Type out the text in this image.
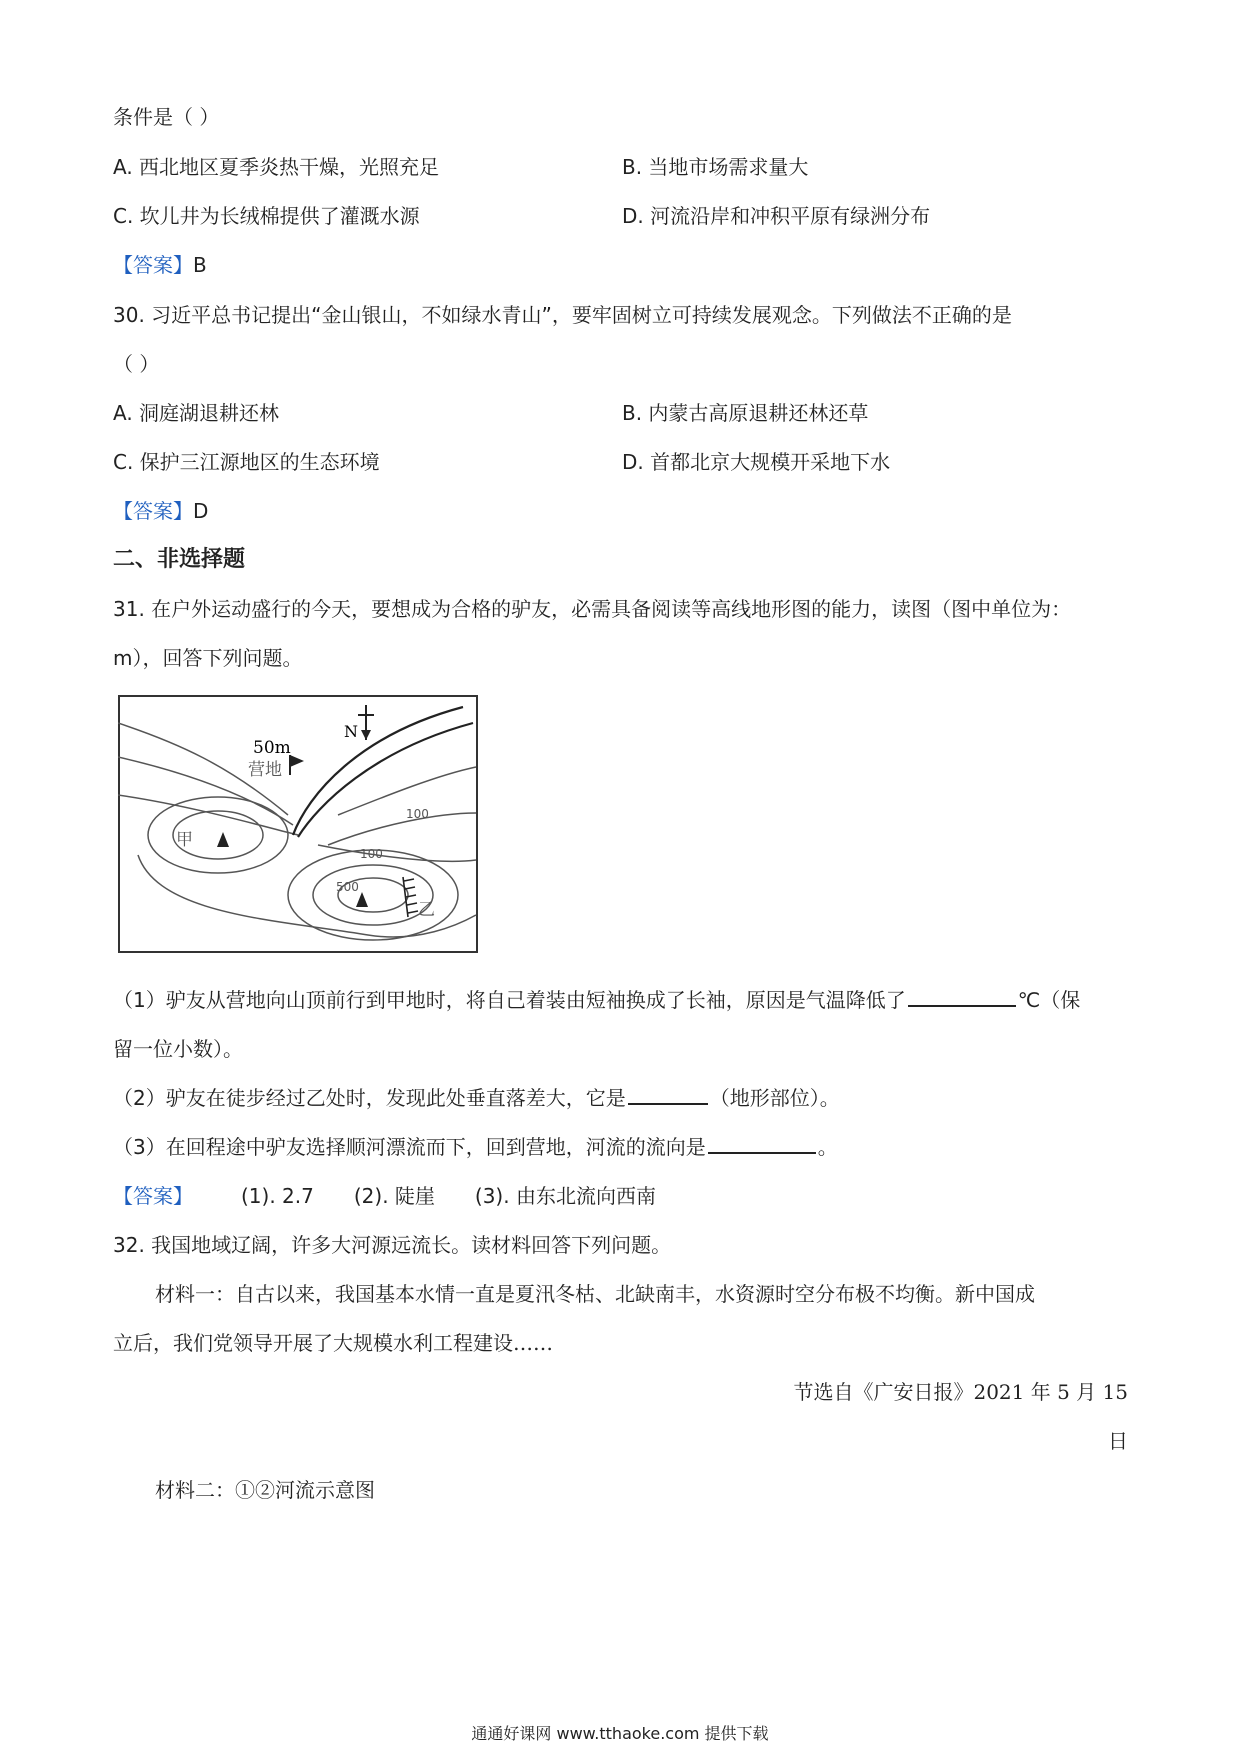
条件是（ ）
A. 西北地区夏季炎热干燥，光照充足	B. 当地市场需求量大
C. 坎儿井为长绒棉提供了灌溉水源	D. 河流沿岸和冲积平原有绿洲分布
【答案】B
30. 习近平总书记提出“金山银山，不如绿水青山”，要牢固树立可持续发展观念。下列做法不正确的是
（ ）
A. 洞庭湖退耕还林	B. 内蒙古高原退耕还林还草
C. 保护三江源地区的生态环境	D. 首都北京大规模开采地下水
【答案】D
二、非选择题
31. 在户外运动盛行的今天，要想成为合格的驴友，必需具备阅读等高线地形图的能力，读图（图中单位为：
m），回答下列问题。
N
50m
营地
100
100
500
甲
乙
（1）驴友从营地向山顶前行到甲地时，将自己着装由短袖换成了长袖，原因是气温降低了	℃（保
留一位小数）。
（2）驴友在徒步经过乙处时，发现此处垂直落差大，它是	（地形部位）。
（3）在回程途中驴友选择顺河漂流而下，回到营地，河流的流向是	。
【答案】 (1). 2.7 (2). 陡崖 (3). 由东北流向西南
32. 我国地域辽阔，许多大河源远流长。读材料回答下列问题。
材料一：自古以来，我国基本水情一直是夏汛冬枯、北缺南丰，水资源时空分布极不均衡。新中国成
立后，我们党领导开展了大规模水利工程建设……
节选自《广安日报》2021 年 5 月 15
日
材料二：①②河流示意图
通通好课网 www.tthaoke.com 提供下载
